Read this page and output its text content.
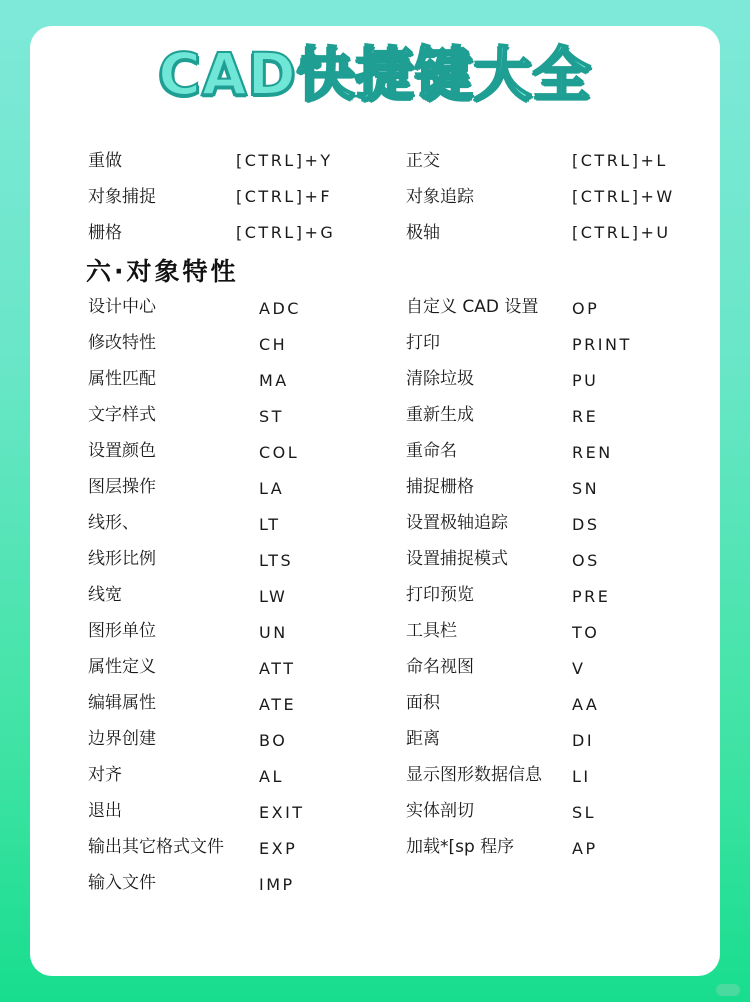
CAD快捷键大全
重做	[CTRL]+Y	正交	[CTRL]+L
对象捕捉	[CTRL]+F	对象追踪	[CTRL]+W
栅格	[CTRL]+G	极轴	[CTRL]+U
六·对象特性
设计中心	ADC	自定义 CAD 设置 OP
修改特性	CH	打印	PRINT
属性匹配	MA	清除垃圾	PU
文字样式	ST	重新生成	RE
设置颜色	COL	重命名	REN
图层操作	LA	捕捉栅格	SN
线形、	LT	设置极轴追踪	DS
线形比例	LTS	设置捕捉模式	OS
线宽	LW	打印预览	PRE
图形单位	UN	工具栏	TO
属性定义	ATT	命名视图	V
编辑属性	ATE	面积	AA
边界创建	BO	距离	DI
对齐	AL	显示图形数据信息 LI
退出	EXIT	实体剖切	SL
输出其它格式文件 EXP	加载*[sp 程序	AP
输入文件	IMP
